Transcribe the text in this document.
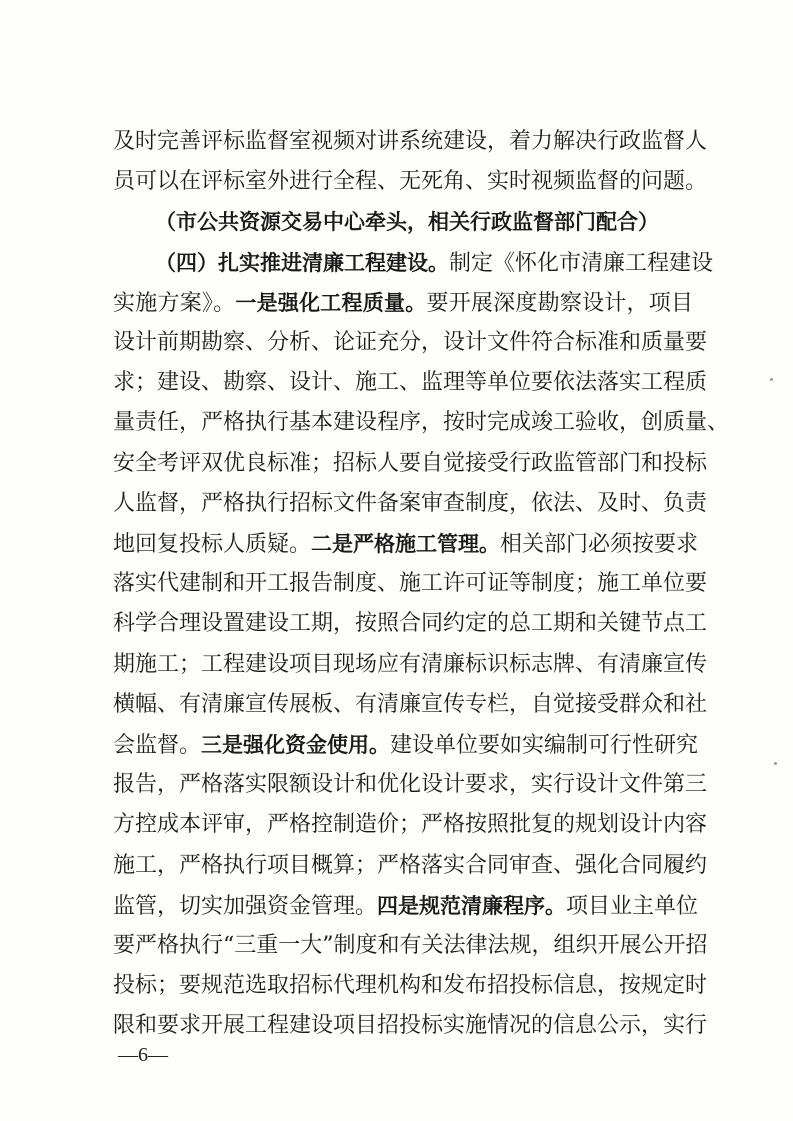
及时完善评标监督室视频对讲系统建设，着力解决行政监督人
员可以在评标室外进行全程、无死角、实时视频监督的问题。
（市公共资源交易中心牵头，相关行政监督部门配合）
（四）扎实推进清廉工程建设。制定《怀化市清廉工程建设
实施方案》。一是强化工程质量。要开展深度勘察设计，项目
设计前期勘察、分析、论证充分，设计文件符合标准和质量要
求；建设、勘察、设计、施工、监理等单位要依法落实工程质
量责任，严格执行基本建设程序，按时完成竣工验收，创质量、
安全考评双优良标准；招标人要自觉接受行政监管部门和投标
人监督，严格执行招标文件备案审查制度，依法、及时、负责
地回复投标人质疑。二是严格施工管理。相关部门必须按要求
落实代建制和开工报告制度、施工许可证等制度；施工单位要
科学合理设置建设工期，按照合同约定的总工期和关键节点工
期施工；工程建设项目现场应有清廉标识标志牌、有清廉宣传
横幅、有清廉宣传展板、有清廉宣传专栏，自觉接受群众和社
会监督。三是强化资金使用。建设单位要如实编制可行性研究
报告，严格落实限额设计和优化设计要求，实行设计文件第三
方控成本评审，严格控制造价；严格按照批复的规划设计内容
施工，严格执行项目概算；严格落实合同审查、强化合同履约
监管，切实加强资金管理。四是规范清廉程序。项目业主单位
要严格执行“三重一大”制度和有关法律法规，组织开展公开招
投标；要规范选取招标代理机构和发布招投标信息，按规定时
限和要求开展工程建设项目招投标实施情况的信息公示，实行
—6—
